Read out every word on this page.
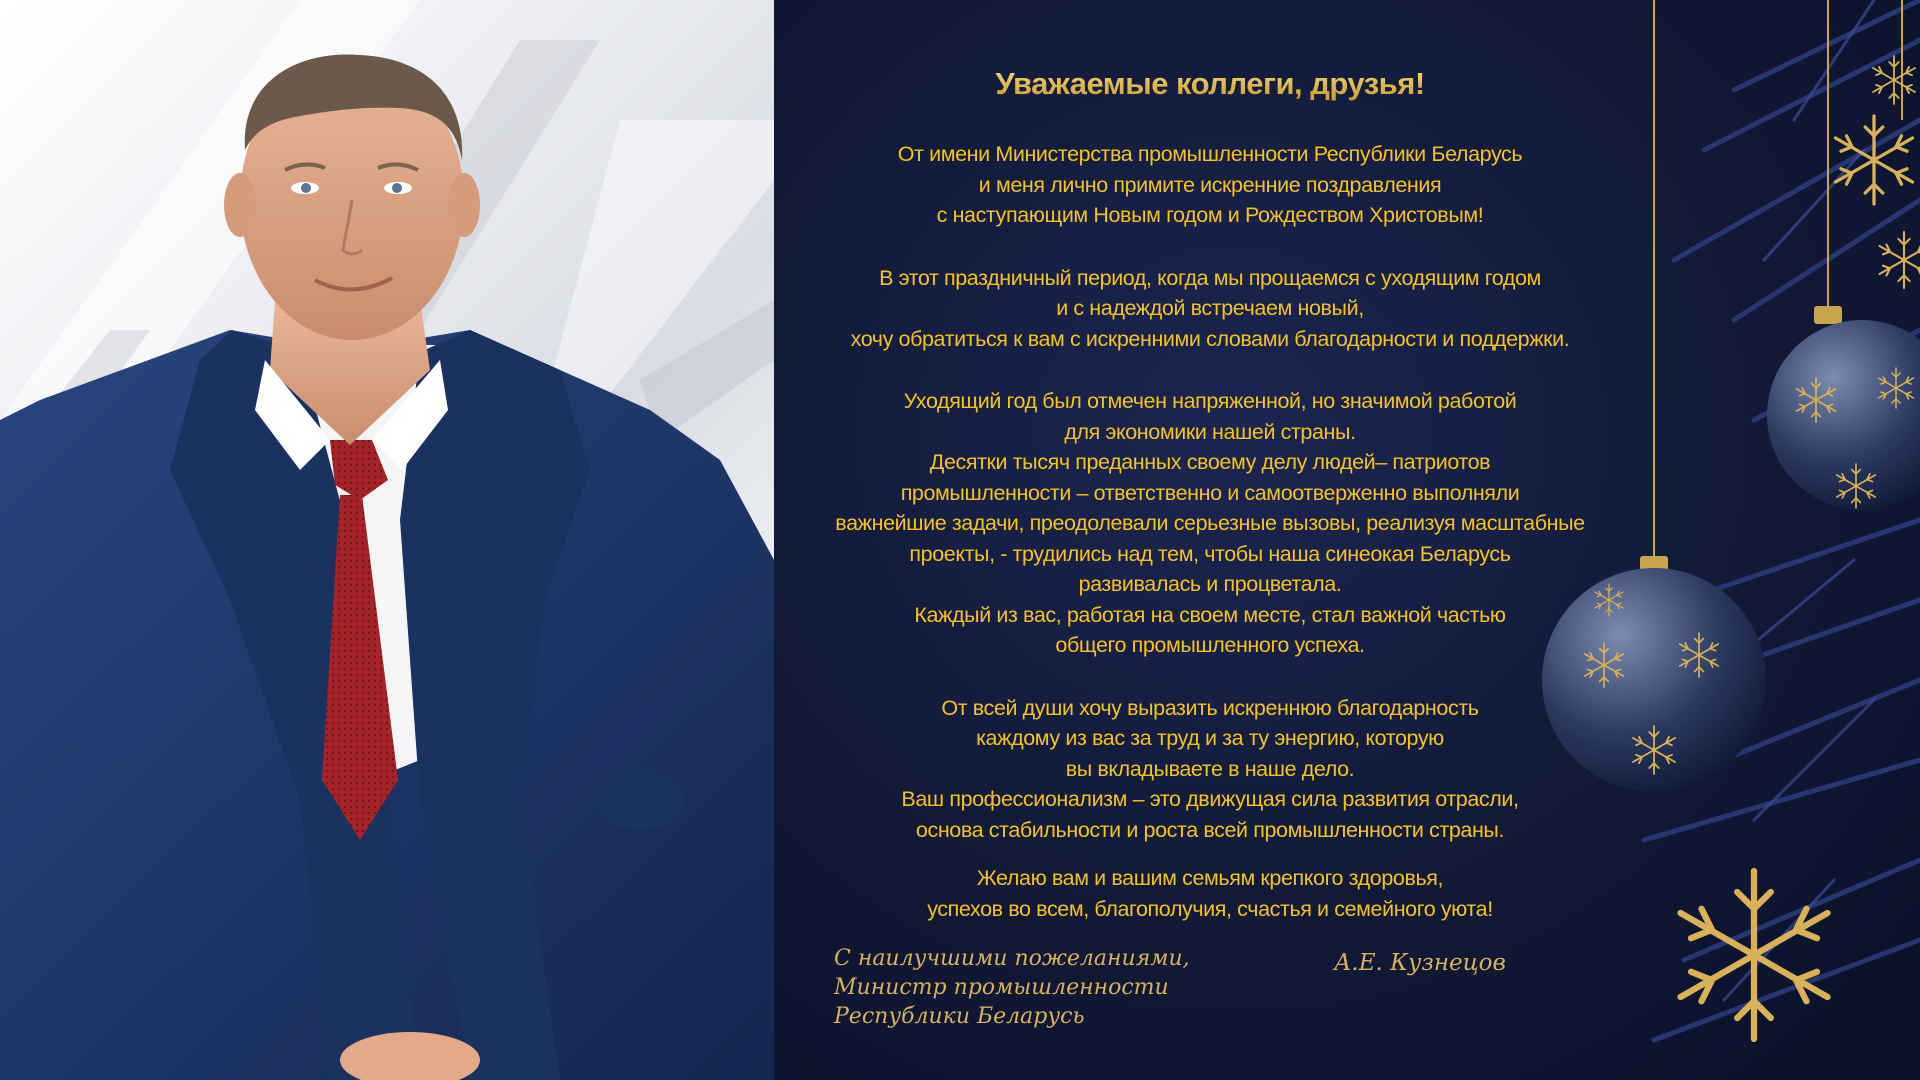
Уважаемые коллеги, друзья!
От имени Министерства промышленности Республики Беларусь
и меня лично примите искренние поздравления
с наступающим Новым годом и Рождеством Христовым!
В этот праздничный период, когда мы прощаемся с уходящим годом
и с надеждой встречаем новый,
хочу обратиться к вам с искренними словами благодарности и поддержки.
Уходящий год был отмечен напряженной, но значимой работой
для экономики нашей страны.
Десятки тысяч преданных своему делу людей– патриотов
промышленности – ответственно и самоотверженно выполняли
важнейшие задачи, преодолевали серьезные вызовы, реализуя масштабные
проекты, - трудились над тем, чтобы наша синеокая Беларусь
развивалась и процветала.
Каждый из вас, работая на своем месте, стал важной частью
общего промышленного успеха.
От всей души хочу выразить искреннюю благодарность
каждому из вас за труд и за ту энергию, которую
вы вкладываете в наше дело.
Ваш профессионализм – это движущая сила развития отрасли,
основа стабильности и роста всей промышленности страны.
Желаю вам и вашим семьям крепкого здоровья,
успехов во всем, благополучия, счастья и семейного уюта!
С наилучшими пожеланиями,
Министр промышленности
Республики Беларусь
А.Е. Кузнецов
